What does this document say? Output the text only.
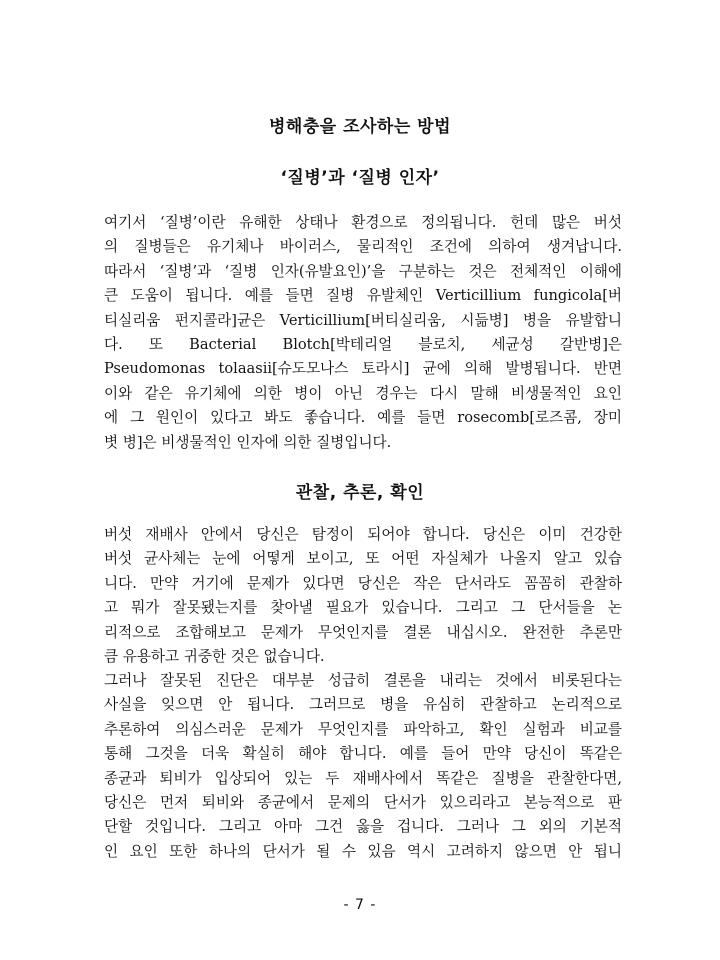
병해충을 조사하는 방법
‘질병’과 ‘질병 인자’

여기서 ‘질병’이란 유해한 상태나 환경으로 정의됩니다. 헌데 많은 버섯
의 질병들은 유기체나 바이러스, 물리적인 조건에 의하여 생겨납니다.
따라서 ‘질병’과 ‘질병 인자(유발요인)’을 구분하는 것은 전체적인 이해에
큰 도움이 됩니다. 예를 들면 질병 유발체인 Verticillium fungicola[버
티실리움 펀지콜라]균은 Verticillium[버티실리움, 시듦병] 병을 유발합니
다. 또 Bacterial Blotch[박테리얼 블로치, 세균성 갈반병]은
Pseudomonas tolaasii[슈도모나스 토라시] 균에 의해 발병됩니다. 반면
이와 같은 유기체에 의한 병이 아닌 경우는 다시 말해 비생물적인 요인
에 그 원인이 있다고 봐도 좋습니다. 예를 들면 rosecomb[로즈콤, 장미
볏 병]은 비생물적인 인자에 의한 질병입니다.

관찰, 추론, 확인

버섯 재배사 안에서 당신은 탐정이 되어야 합니다. 당신은 이미 건강한
버섯 균사체는 눈에 어떻게 보이고, 또 어떤 자실체가 나올지 알고 있습
니다. 만약 거기에 문제가 있다면 당신은 작은 단서라도 꼼꼼히 관찰하
고 뭐가 잘못됐는지를 찾아낼 필요가 있습니다. 그리고 그 단서들을 논
리적으로 조합해보고 문제가 무엇인지를 결론 내십시오. 완전한 추론만
큼 유용하고 귀중한 것은 없습니다.

그러나 잘못된 진단은 대부분 성급히 결론을 내리는 것에서 비롯된다는
사실을 잊으면 안 됩니다. 그러므로 병을 유심히 관찰하고 논리적으로
추론하여 의심스러운 문제가 무엇인지를 파악하고, 확인 실험과 비교를
통해 그것을 더욱 확실히 해야 합니다. 예를 들어 만약 당신이 똑같은
종균과 퇴비가 입상되어 있는 두 재배사에서 똑같은 질병을 관찰한다면,
당신은 먼저 퇴비와 종균에서 문제의 단서가 있으리라고 본능적으로 판
단할 것입니다. 그리고 아마 그건 옳을 겁니다. 그러나 그 외의 기본적
인 요인 또한 하나의 단서가 될 수 있음 역시 고려하지 않으면 안 됩니

- 7 -
